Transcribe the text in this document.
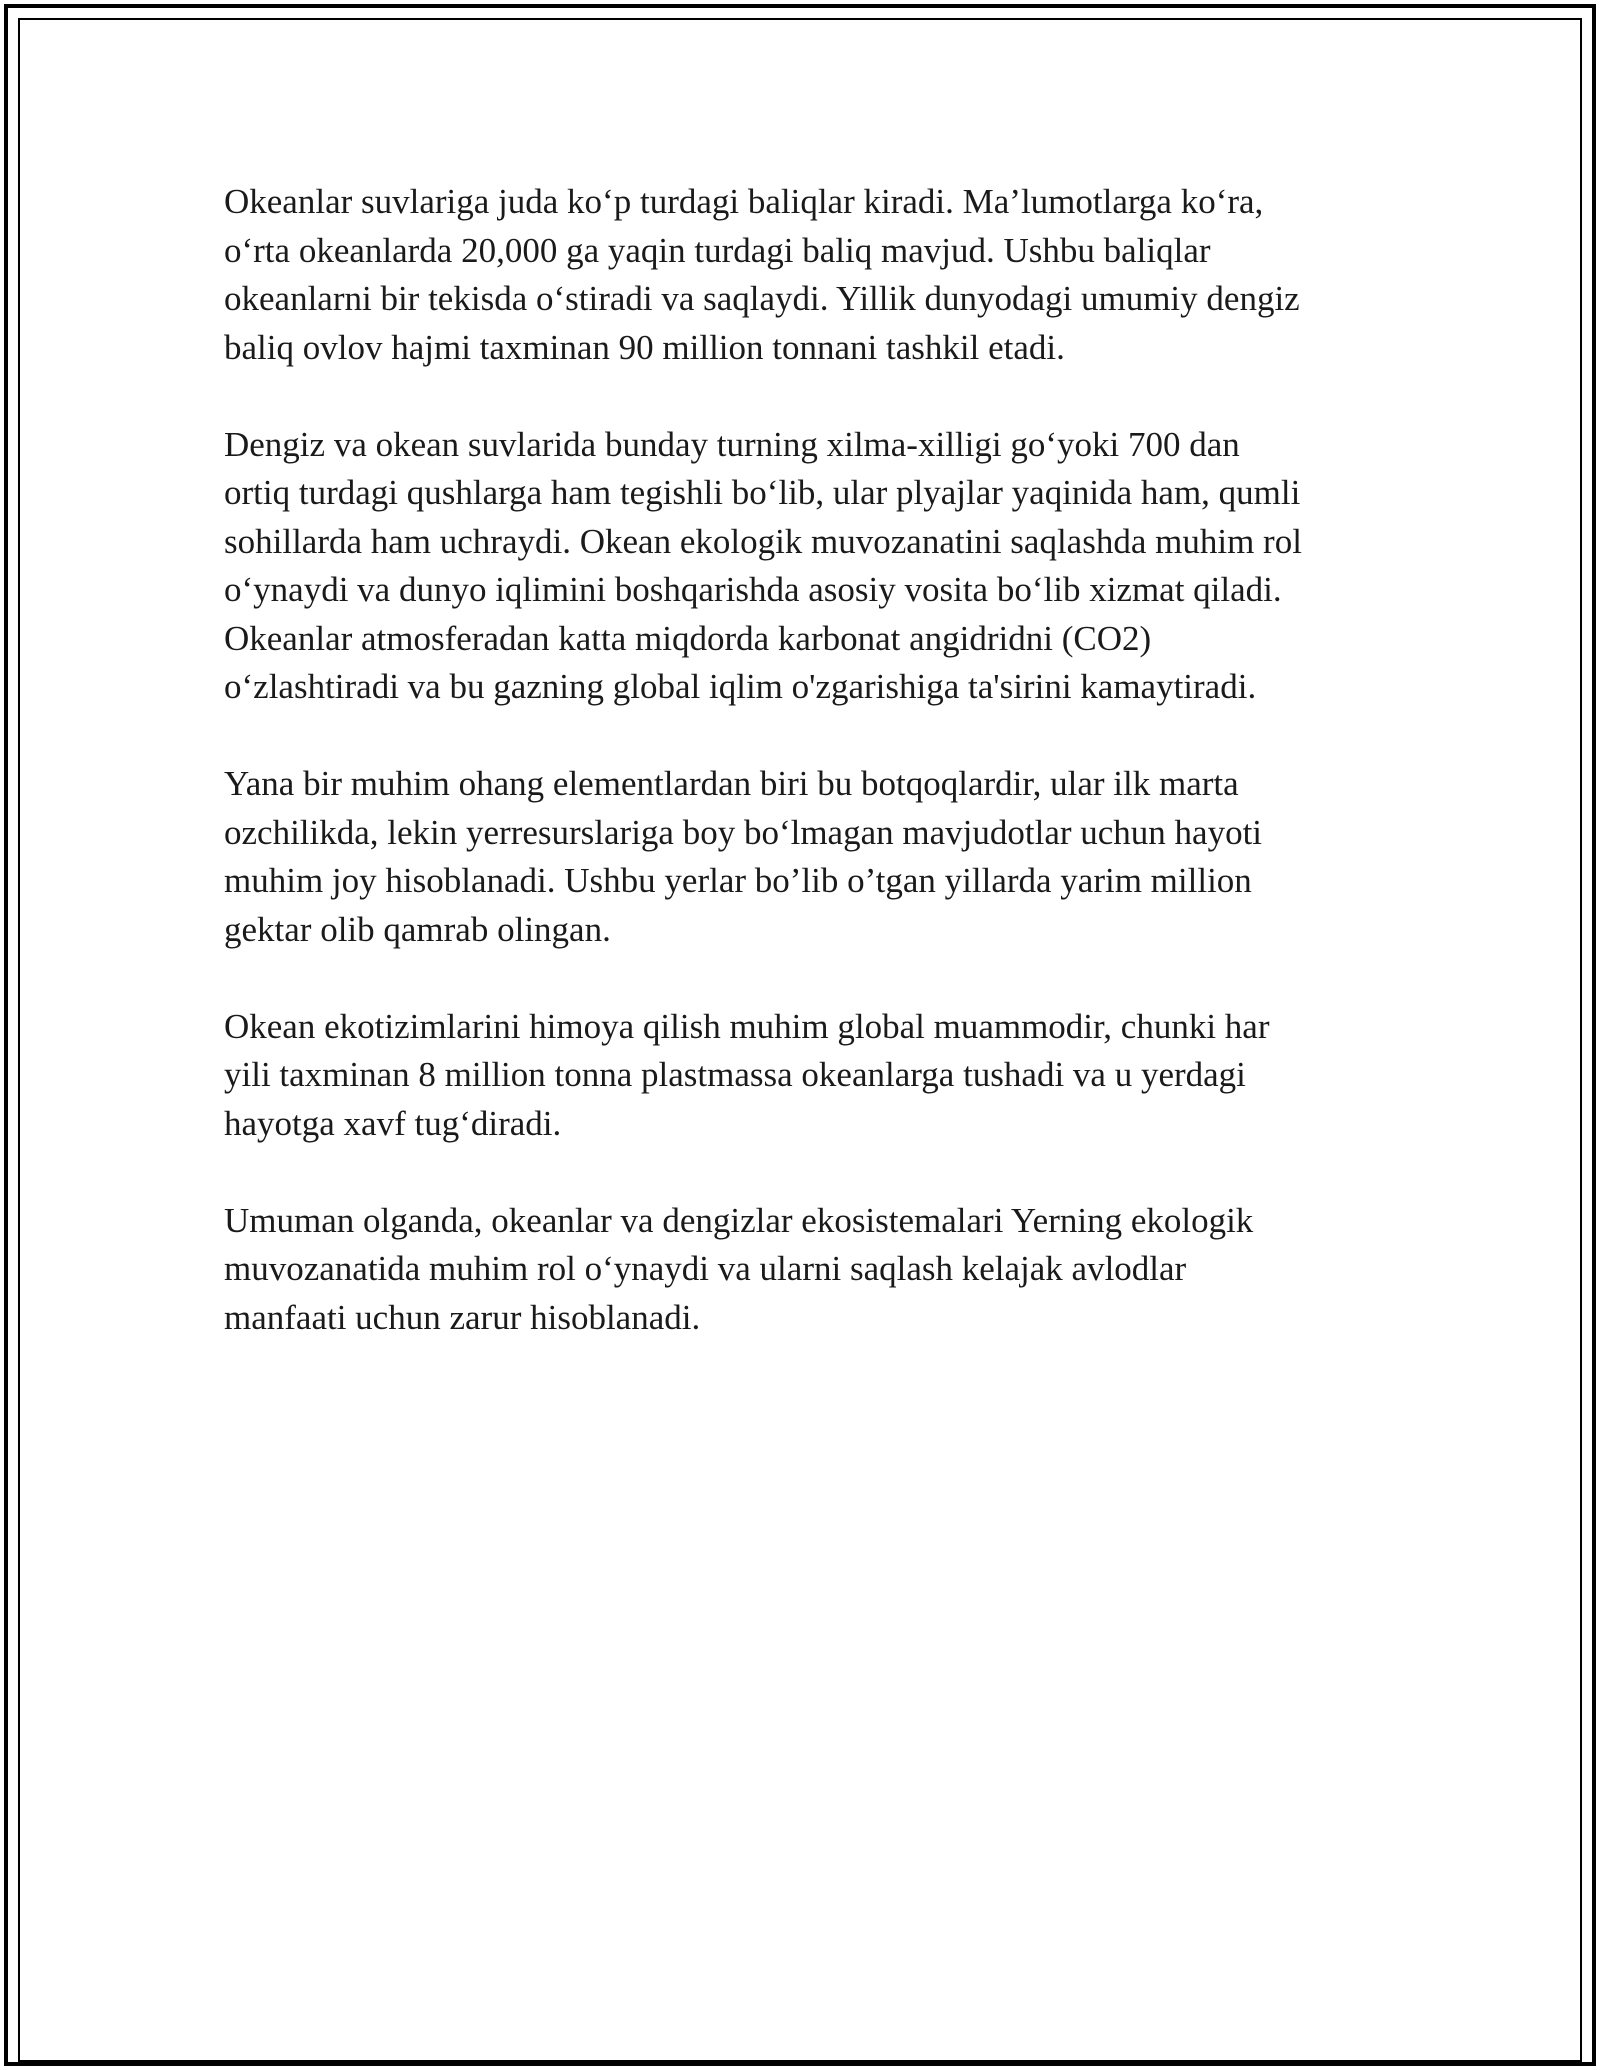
Okeanlar suvlariga juda ko‘p turdagi baliqlar kiradi. Ma’lumotlarga ko‘ra,
o‘rta okeanlarda 20,000 ga yaqin turdagi baliq mavjud. Ushbu baliqlar
okeanlarni bir tekisda o‘stiradi va saqlaydi. Yillik dunyodagi umumiy dengiz
baliq ovlov hajmi taxminan 90 million tonnani tashkil etadi.

Dengiz va okean suvlarida bunday turning xilma-xilligi go‘yoki 700 dan
ortiq turdagi qushlarga ham tegishli bo‘lib, ular plyajlar yaqinida ham, qumli
sohillarda ham uchraydi. Okean ekologik muvozanatini saqlashda muhim rol
o‘ynaydi va dunyo iqlimini boshqarishda asosiy vosita bo‘lib xizmat qiladi.
Okeanlar atmosferadan katta miqdorda karbonat angidridni (CO2)
o‘zlashtiradi va bu gazning global iqlim o'zgarishiga ta'sirini kamaytiradi.

Yana bir muhim ohang elementlardan biri bu botqoqlardir, ular ilk marta
ozchilikda, lekin yerresurslariga boy bo‘lmagan mavjudotlar uchun hayoti
muhim joy hisoblanadi. Ushbu yerlar bo’lib o’tgan yillarda yarim million
gektar olib qamrab olingan.

Okean ekotizimlarini himoya qilish muhim global muammodir, chunki har
yili taxminan 8 million tonna plastmassa okeanlarga tushadi va u yerdagi
hayotga xavf tug‘diradi.

Umuman olganda, okeanlar va dengizlar ekosistemalari Yerning ekologik
muvozanatida muhim rol o‘ynaydi va ularni saqlash kelajak avlodlar
manfaati uchun zarur hisoblanadi.
